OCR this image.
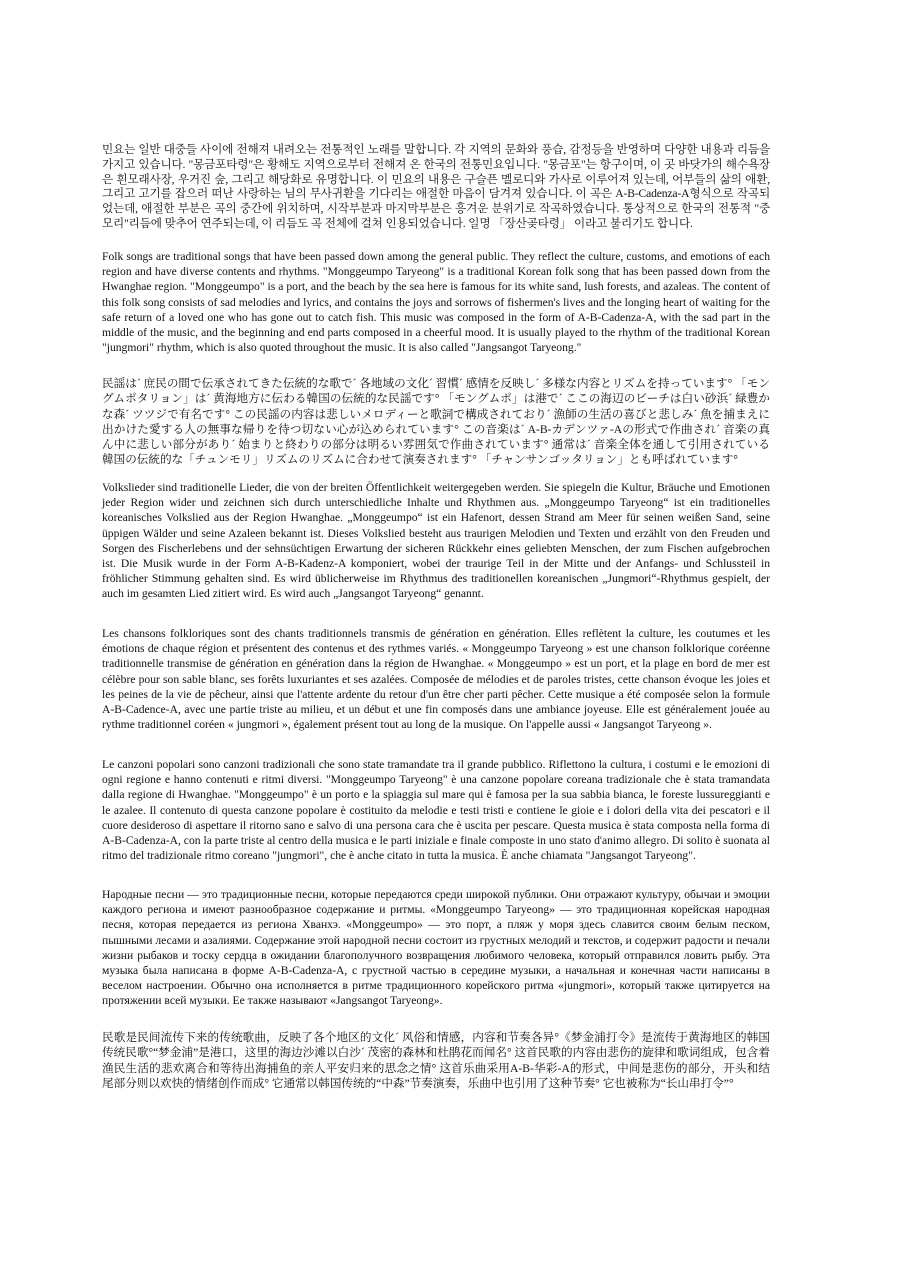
민요는 일반 대중들 사이에 전해져 내려오는 전통적인 노래를 말합니다. 각 지역의 문화와 풍습, 감정등을 반영하며 다양한 내용과 리듬을 가지고 있습니다. "몽금포타령"은 황해도 지역으로부터 전해져 온 한국의 전통민요입니다. "몽금포"는 항구이며, 이 곳 바닷가의 해수욕장은 흰모래사장, 우거진 숲, 그리고 해당화로 유명합니다. 이 민요의 내용은 구슬픈 멜로디와 가사로 이루어져 있는데, 어부들의 삶의 애환, 그리고 고기를 잡으러 떠난 사랑하는 님의 무사귀환을 기다리는 애절한 마음이 담겨져 있습니다. 이 곡은 A-B-Cadenza-A형식으로 작곡되었는데, 애절한 부분은 곡의 중간에 위치하며, 시작부분과 마지막부분은 흥겨운 분위기로 작곡하였습니다. 통상적으로 한국의 전통적 "중모리"리듬에 맞추어 연주되는데, 이 리듬도 곡 전체에 걸쳐 인용되었습니다. 일명 「장산곶타령」 이라고 불리기도 합니다.

Folk songs are traditional songs that have been passed down among the general public. They reflect the culture, customs, and emotions of each region and have diverse contents and rhythms. "Monggeumpo Taryeong" is a traditional Korean folk song that has been passed down from the Hwanghae region. "Monggeumpo" is a port, and the beach by the sea here is famous for its white sand, lush forests, and azaleas. The content of this folk song consists of sad melodies and lyrics, and contains the joys and sorrows of fishermen's lives and the longing heart of waiting for the safe return of a loved one who has gone out to catch fish. This music was composed in the form of A-B-Cadenza-A, with the sad part in the middle of the music, and the beginning and end parts composed in a cheerful mood. It is usually played to the rhythm of the traditional Korean "jungmori" rhythm, which is also quoted throughout the music. It is also called "Jangsangot Taryeong."

民謡は´ 庶民の間で伝承されてきた伝統的な歌で´ 各地域の文化´ 習慣´ 感情を反映し´ 多様な内容とリズムを持っています° 「モングムポタリョン」は´ 黄海地方に伝わる韓国の伝統的な民謡です° 「モングムポ」は港で´ ここの海辺のビーチは白い砂浜´ 緑豊かな森´ ツツジで有名です° この民謡の内容は悲しいメロディーと歌詞で構成されており´ 漁師の生活の喜びと悲しみ´ 魚を捕まえに出かけた愛する人の無事な帰りを待つ切ない心が込められています° この音楽は´ A-B-カデンツァ-Aの形式で作曲され´ 音楽の真ん中に悲しい部分があり´ 始まりと終わりの部分は明るい雰囲気で作曲されています° 通常は´ 音楽全体を通して引用されている韓国の伝統的な「チュンモリ」リズムのリズムに合わせて演奏されます° 「チャンサンゴッタリョン」とも呼ばれています°

Volkslieder sind traditionelle Lieder, die von der breiten Öffentlichkeit weitergegeben werden. Sie spiegeln die Kultur, Bräuche und Emotionen jeder Region wider und zeichnen sich durch unterschiedliche Inhalte und Rhythmen aus. „Monggeumpo Taryeong“ ist ein traditionelles koreanisches Volkslied aus der Region Hwanghae. „Monggeumpo“ ist ein Hafenort, dessen Strand am Meer für seinen weißen Sand, seine üppigen Wälder und seine Azaleen bekannt ist. Dieses Volkslied besteht aus traurigen Melodien und Texten und erzählt von den Freuden und Sorgen des Fischerlebens und der sehnsüchtigen Erwartung der sicheren Rückkehr eines geliebten Menschen, der zum Fischen aufgebrochen ist. Die Musik wurde in der Form A-B-Kadenz-A komponiert, wobei der traurige Teil in der Mitte und der Anfangs- und Schlussteil in fröhlicher Stimmung gehalten sind. Es wird üblicherweise im Rhythmus des traditionellen koreanischen „Jungmori“-Rhythmus gespielt, der auch im gesamten Lied zitiert wird. Es wird auch „Jangsangot Taryeong“ genannt.

Les chansons folkloriques sont des chants traditionnels transmis de génération en génération. Elles reflètent la culture, les coutumes et les émotions de chaque région et présentent des contenus et des rythmes variés. « Monggeumpo Taryeong » est une chanson folklorique coréenne traditionnelle transmise de génération en génération dans la région de Hwanghae. « Monggeumpo » est un port, et la plage en bord de mer est célèbre pour son sable blanc, ses forêts luxuriantes et ses azalées. Composée de mélodies et de paroles tristes, cette chanson évoque les joies et les peines de la vie de pêcheur, ainsi que l'attente ardente du retour d'un être cher parti pêcher. Cette musique a été composée selon la formule A-B-Cadence-A, avec une partie triste au milieu, et un début et une fin composés dans une ambiance joyeuse. Elle est généralement jouée au rythme traditionnel coréen « jungmori », également présent tout au long de la musique. On l'appelle aussi « Jangsangot Taryeong ».

Le canzoni popolari sono canzoni tradizionali che sono state tramandate tra il grande pubblico. Riflettono la cultura, i costumi e le emozioni di ogni regione e hanno contenuti e ritmi diversi. "Monggeumpo Taryeong" è una canzone popolare coreana tradizionale che è stata tramandata dalla regione di Hwanghae. "Monggeumpo" è un porto e la spiaggia sul mare qui è famosa per la sua sabbia bianca, le foreste lussureggianti e le azalee. Il contenuto di questa canzone popolare è costituito da melodie e testi tristi e contiene le gioie e i dolori della vita dei pescatori e il cuore desideroso di aspettare il ritorno sano e salvo di una persona cara che è uscita per pescare. Questa musica è stata composta nella forma di A-B-Cadenza-A, con la parte triste al centro della musica e le parti iniziale e finale composte in uno stato d'animo allegro. Di solito è suonata al ritmo del tradizionale ritmo coreano "jungmori", che è anche citato in tutta la musica. È anche chiamata "Jangsangot Taryeong".

Народные песни — это традиционные песни, которые передаются среди широкой публики. Они отражают культуру, обычаи и эмоции каждого региона и имеют разнообразное содержание и ритмы. «Monggeumpo Taryeong» — это традиционная корейская народная песня, которая передается из региона Хванхэ. «Monggeumpo» — это порт, а пляж у моря здесь славится своим белым песком, пышными лесами и азалиями. Содержание этой народной песни состоит из грустных мелодий и текстов, и содержит радости и печали жизни рыбаков и тоску сердца в ожидании благополучного возвращения любимого человека, который отправился ловить рыбу. Эта музыка была написана в форме A-B-Cadenza-A, с грустной частью в середине музыки, а начальная и конечная части написаны в веселом настроении. Обычно она исполняется в ритме традиционного корейского ритма «jungmori», который также цитируется на протяжении всей музыки. Ее также называют «Jangsangot Taryeong».

民歌是民间流传下来的传统歌曲，反映了各个地区的文化´ 风俗和情感，内容和节奏各异°《梦金浦打令》是流传于黄海地区的韩国传统民歌°“梦金浦”是港口，这里的海边沙滩以白沙´ 茂密的森林和杜鹃花而闻名° 这首民歌的内容由悲伤的旋律和歌词组成，包含着渔民生活的悲欢离合和等待出海捕鱼的亲人平安归来的思念之情° 这首乐曲采用A-B-华彩-A的形式，中间是悲伤的部分，开头和结尾部分则以欢快的情绪创作而成° 它通常以韩国传统的“中森”节奏演奏，乐曲中也引用了这种节奏° 它也被称为“长山串打令”°
